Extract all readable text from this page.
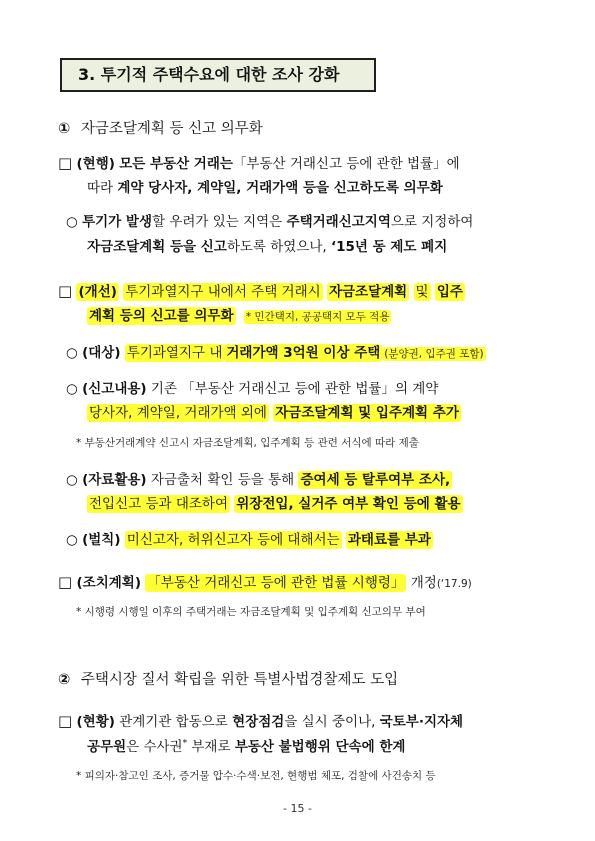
3. 투기적 주택수요에 대한 조사 강화
① 자금조달계획 등 신고 의무화
□ (현행) 모든 부동산 거래는「부동산 거래신고 등에 관한 법률」에
따라 계약 당사자, 계약일, 거래가액 등을 신고하도록 의무화
○ 투기가 발생할 우려가 있는 지역은 주택거래신고지역으로 지정하여
자금조달계획 등을 신고하도록 하였으나, ‘15년 동 제도 폐지
□ (개선) 투기과열지구 내에서 주택 거래시 자금조달계획 및 입주
계획 등의 신고를 의무화 * 민간택지, 공공택지 모두 적용
○ (대상) 투기과열지구 내 거래가액 3억원 이상 주택 (분양권, 입주권 포함)
○ (신고내용) 기존 「부동산 거래신고 등에 관한 법률」의 계약
당사자, 계약일, 거래가액 외에 자금조달계획 및 입주계획 추가
* 부동산거래계약 신고시 자금조달계획, 입주계획 등 관련 서식에 따라 제출
○ (자료활용) 자금출처 확인 등을 통해 증여세 등 탈루여부 조사,
전입신고 등과 대조하여 위장전입, 실거주 여부 확인 등에 활용
○ (벌칙) 미신고자, 허위신고자 등에 대해서는 과태료를 부과
□ (조치계획) 「부동산 거래신고 등에 관한 법률 시행령」 개정(‘17.9)
* 시행령 시행일 이후의 주택거래는 자금조달계획 및 입주계획 신고의무 부여
② 주택시장 질서 확립을 위한 특별사법경찰제도 도입
□ (현황) 관계기관 합동으로 현장점검을 실시 중이나, 국토부·지자체
공무원은 수사권* 부재로 부동산 불법행위 단속에 한계
* 피의자·참고인 조사, 증거물 압수·수색·보전, 현행범 체포, 검찰에 사건송치 등
- 15 -
